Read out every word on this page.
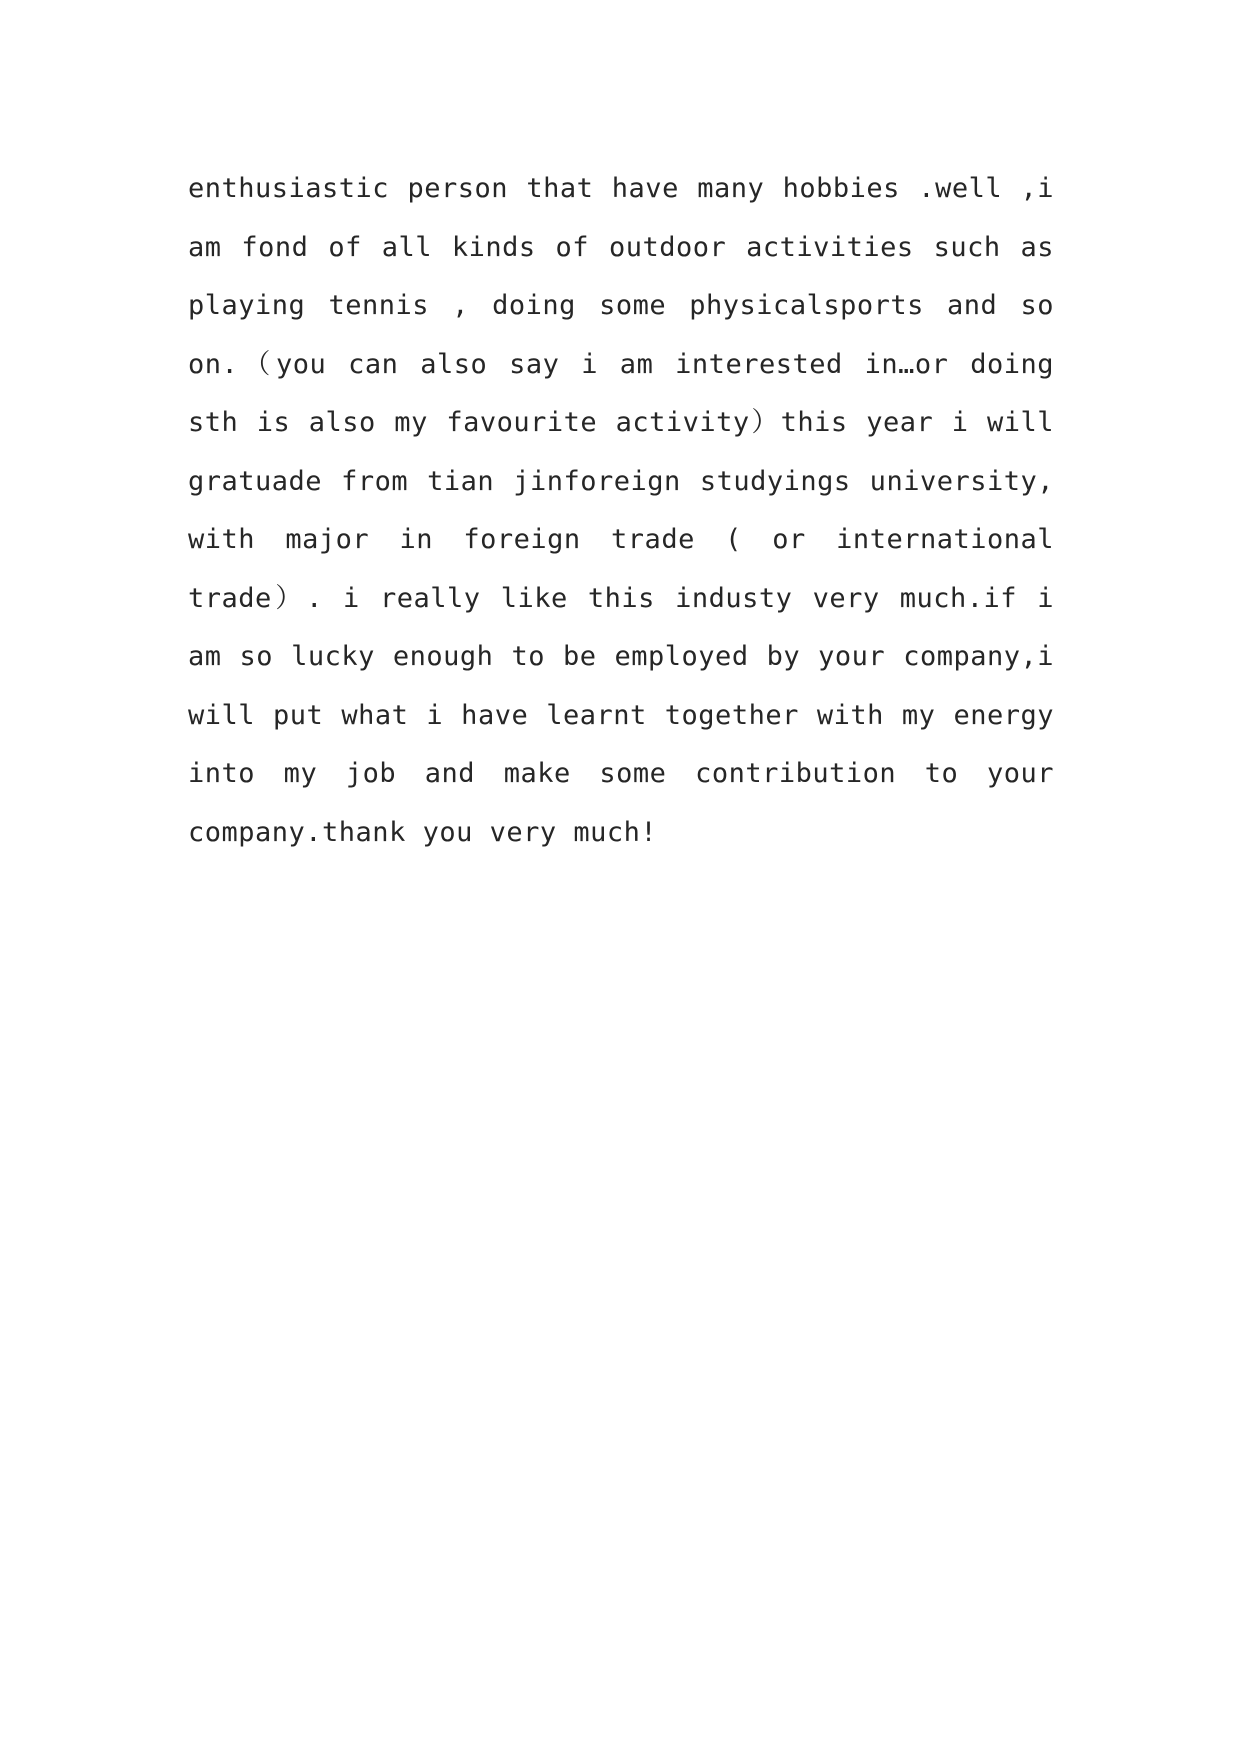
enthusiastic person that have many hobbies .well ,i
am fond of all kinds of outdoor activities such as
playing tennis , doing some physicalsports and so
on.（you can also say i am interested in…or doing
sth is also my favourite activity）this year i will
gratuade from tian jinforeign studyings university,
with major in foreign trade ( or international
trade）. i really like this industy very much.if i
am so lucky enough to be employed by your company,i
will put what i have learnt together with my energy
into my job and make some contribution to your
company.thank you very much!
